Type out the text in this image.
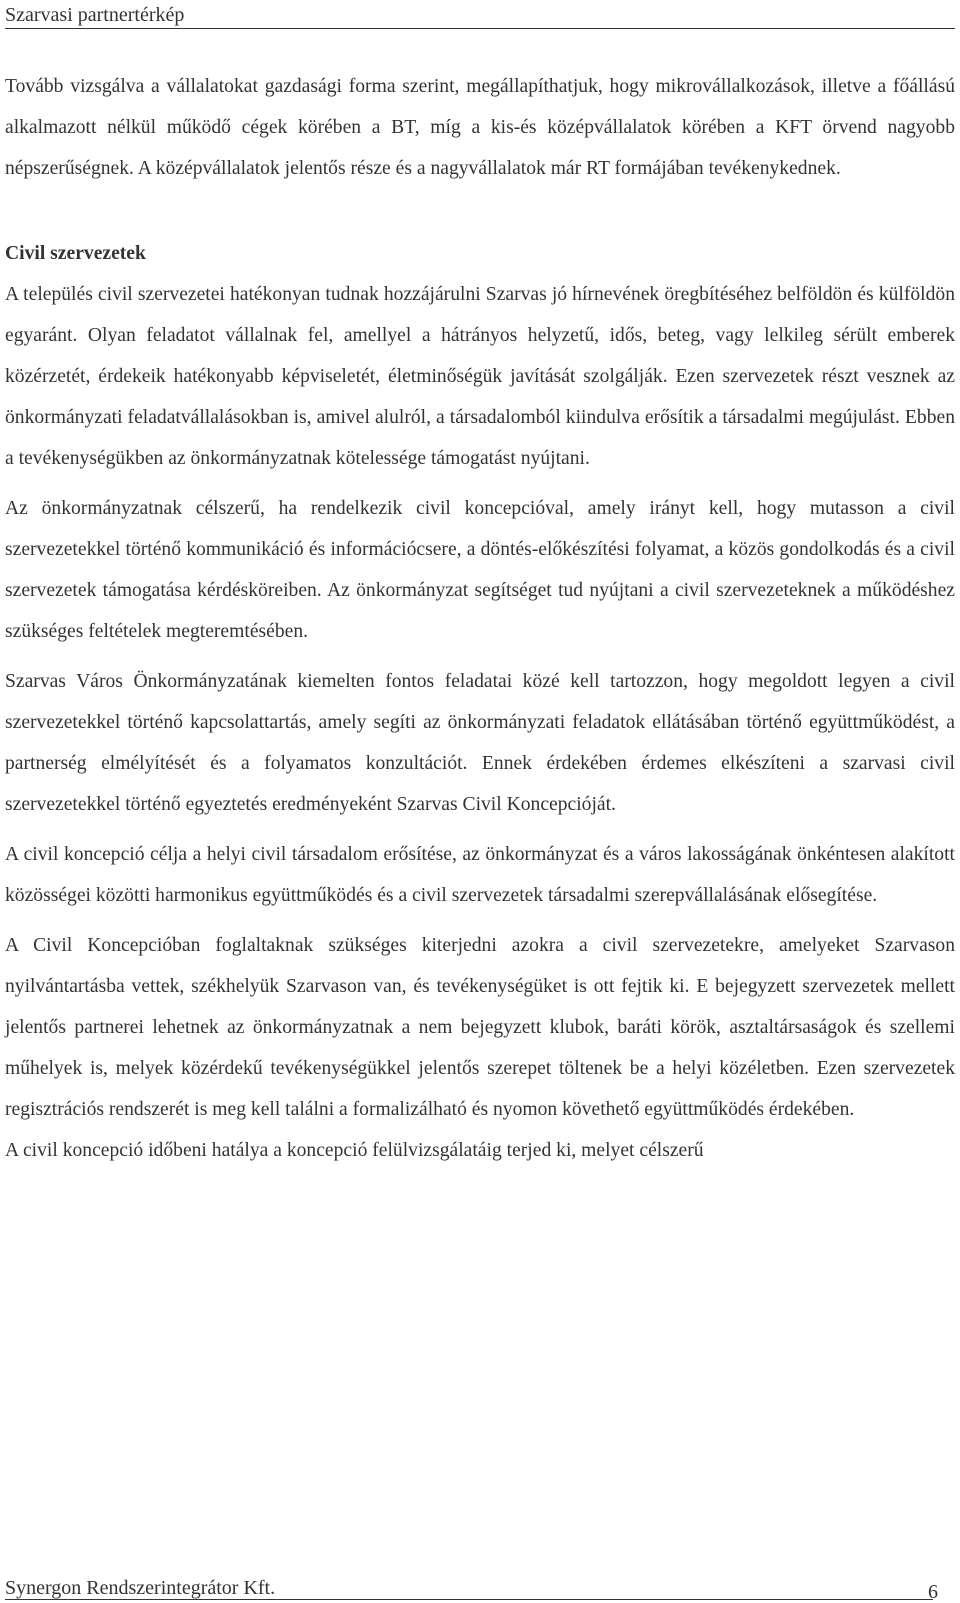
Szarvasi partnertérkép

Tovább vizsgálva a vállalatokat gazdasági forma szerint, megállapíthatjuk, hogy mikrovállalkozások, illetve a főállású alkalmazott nélkül működő cégek körében a BT, míg a kis-és középvállalatok körében a KFT örvend nagyobb népszerűségnek. A középvállalatok jelentős része és a nagyvállalatok már RT formájában tevékenykednek.

Civil szervezetek

A település civil szervezetei hatékonyan tudnak hozzájárulni Szarvas jó hírnevének öregbítéséhez belföldön és külföldön egyaránt. Olyan feladatot vállalnak fel, amellyel a hátrányos helyzetű, idős, beteg, vagy lelkileg sérült emberek közérzetét, érdekeik hatékonyabb képviseletét, életminőségük javítását szolgálják. Ezen szervezetek részt vesznek az önkormányzati feladatvállalásokban is, amivel alulról, a társadalomból kiindulva erősítik a társadalmi megújulást. Ebben a tevékenységükben az önkormányzatnak kötelessége támogatást nyújtani.

Az önkormányzatnak célszerű, ha rendelkezik civil koncepcióval, amely irányt kell, hogy mutasson a civil szervezetekkel történő kommunikáció és információcsere, a döntés-előkészítési folyamat, a közös gondolkodás és a civil szervezetek támogatása kérdésköreiben. Az önkormányzat segítséget tud nyújtani a civil szervezeteknek a működéshez szükséges feltételek megteremtésében.

Szarvas Város Önkormányzatának kiemelten fontos feladatai közé kell tartozzon, hogy megoldott legyen a civil szervezetekkel történő kapcsolattartás, amely segíti az önkormányzati feladatok ellátásában történő együttműködést, a partnerség elmélyítését és a folyamatos konzultációt. Ennek érdekében érdemes elkészíteni a szarvasi civil szervezetekkel történő egyeztetés eredményeként Szarvas Civil Koncepcióját.

A civil koncepció célja a helyi civil társadalom erősítése, az önkormányzat és a város lakosságának önkéntesen alakított közösségei közötti harmonikus együttműködés és a civil szervezetek társadalmi szerepvállalásának elősegítése.

A Civil Koncepcióban foglaltaknak szükséges kiterjedni azokra a civil szervezetekre, amelyeket Szarvason nyilvántartásba vettek, székhelyük Szarvason van, és tevékenységüket is ott fejtik ki. E bejegyzett szervezetek mellett jelentős partnerei lehetnek az önkormányzatnak a nem bejegyzett klubok, baráti körök, asztaltársaságok és szellemi műhelyek is, melyek közérdekű tevékenységükkel jelentős szerepet töltenek be a helyi közéletben. Ezen szervezetek regisztrációs rendszerét is meg kell találni a formalizálható és nyomon követhető együttműködés érdekében.

A civil koncepció időbeni hatálya a koncepció felülvizsgálatáig terjed ki, melyet célszerű

Synergon Rendszerintegrátor Kft.	6
